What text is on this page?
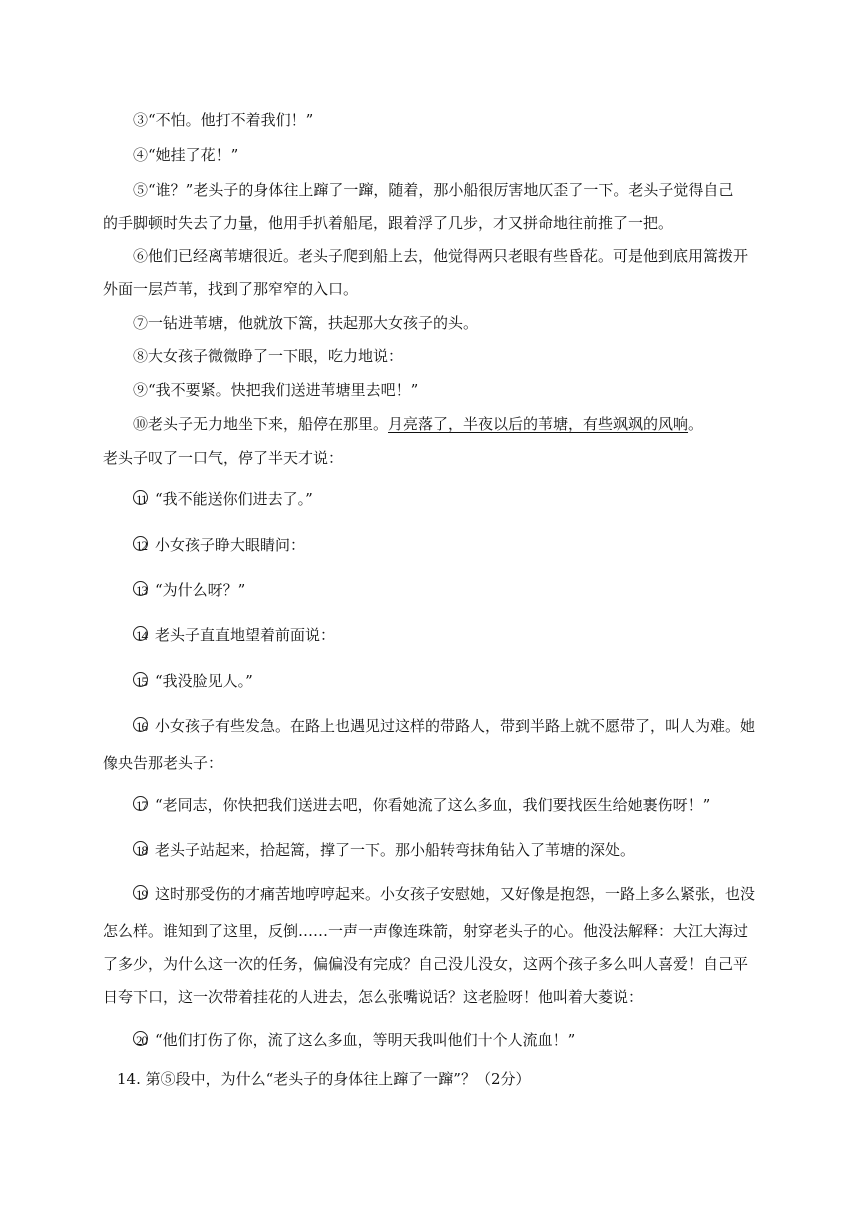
③“不怕。他打不着我们！”
④“她挂了花！”
⑤“谁？”老头子的身体往上蹿了一蹿，随着，那小船很厉害地仄歪了一下。老头子觉得自己
的手脚顿时失去了力量，他用手扒着船尾，跟着浮了几步，才又拼命地往前推了一把。
⑥他们已经离苇塘很近。老头子爬到船上去，他觉得两只老眼有些昏花。可是他到底用篙拨开
外面一层芦苇，找到了那窄窄的入口。
⑦一钻进苇塘，他就放下篙，扶起那大女孩子的头。
⑧大女孩子微微睁了一下眼，吃力地说：
⑨“我不要紧。快把我们送进苇塘里去吧！”
⑩老头子无力地坐下来，船停在那里。月亮落了，半夜以后的苇塘，有些飒飒的风响。
老头子叹了一口气，停了半天才说：
11 “我不能送你们进去了。”
12 小女孩子睁大眼睛问：
13 “为什么呀？”
14 老头子直直地望着前面说：
15 “我没脸见人。”
16 小女孩子有些发急。在路上也遇见过这样的带路人，带到半路上就不愿带了，叫人为难。她
像央告那老头子：
17 “老同志，你快把我们送进去吧，你看她流了这么多血，我们要找医生给她裹伤呀！”
18 老头子站起来，拾起篙，撑了一下。那小船转弯抹角钻入了苇塘的深处。
19 这时那受伤的才痛苦地哼哼起来。小女孩子安慰她，又好像是抱怨，一路上多么紧张，也没
怎么样。谁知到了这里，反倒……一声一声像连珠箭，射穿老头子的心。他没法解释：大江大海过
了多少，为什么这一次的任务，偏偏没有完成？自己没儿没女，这两个孩子多么叫人喜爱！自己平
日夸下口，这一次带着挂花的人进去，怎么张嘴说话？这老脸呀！他叫着大菱说：
20 “他们打伤了你，流了这么多血，等明天我叫他们十个人流血！”
14. 第⑤段中，为什么“老头子的身体往上蹿了一蹿”？（2分）
